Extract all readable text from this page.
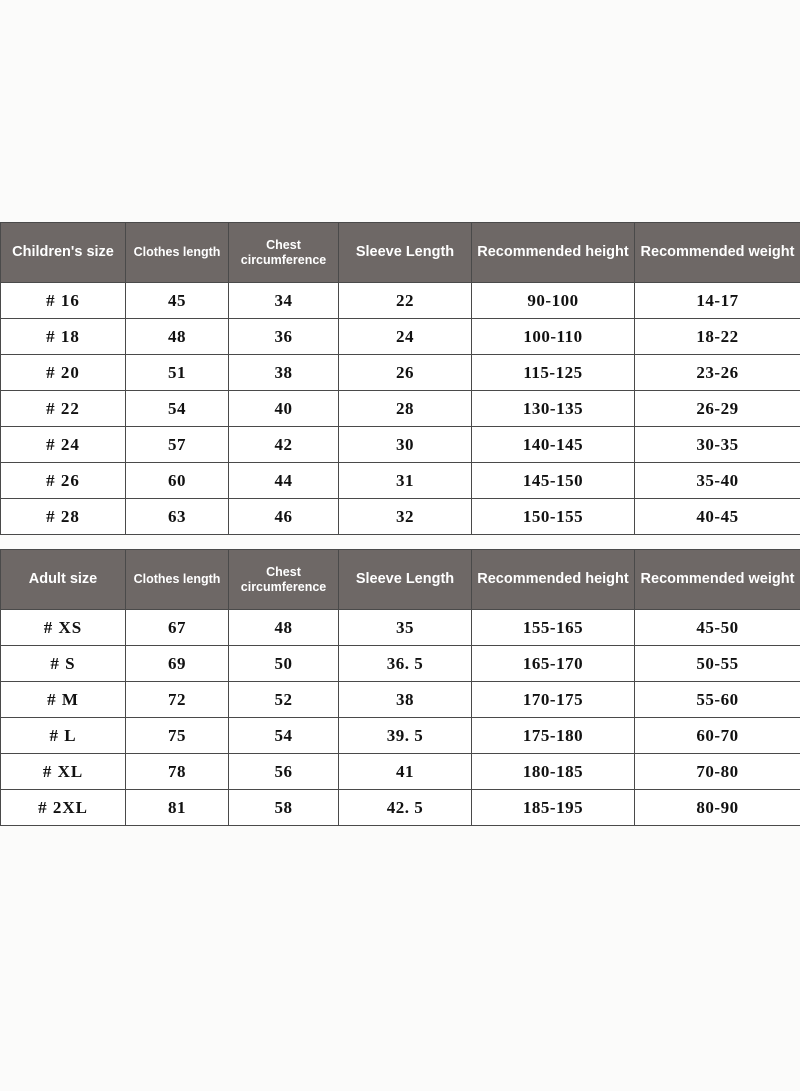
Children's size	Clothes length	Chest circumference	Sleeve Length	Recommended height	Recommended weight
# 16	45	34	22	90-100	14-17
# 18	48	36	24	100-110	18-22
# 20	51	38	26	115-125	23-26
# 22	54	40	28	130-135	26-29
# 24	57	42	30	140-145	30-35
# 26	60	44	31	145-150	35-40
# 28	63	46	32	150-155	40-45
Adult size	Clothes length	Chest circumference	Sleeve Length	Recommended height	Recommended weight
# XS	67	48	35	155-165	45-50
# S	69	50	36. 5	165-170	50-55
# M	72	52	38	170-175	55-60
# L	75	54	39. 5	175-180	60-70
# XL	78	56	41	180-185	70-80
# 2XL	81	58	42. 5	185-195	80-90
